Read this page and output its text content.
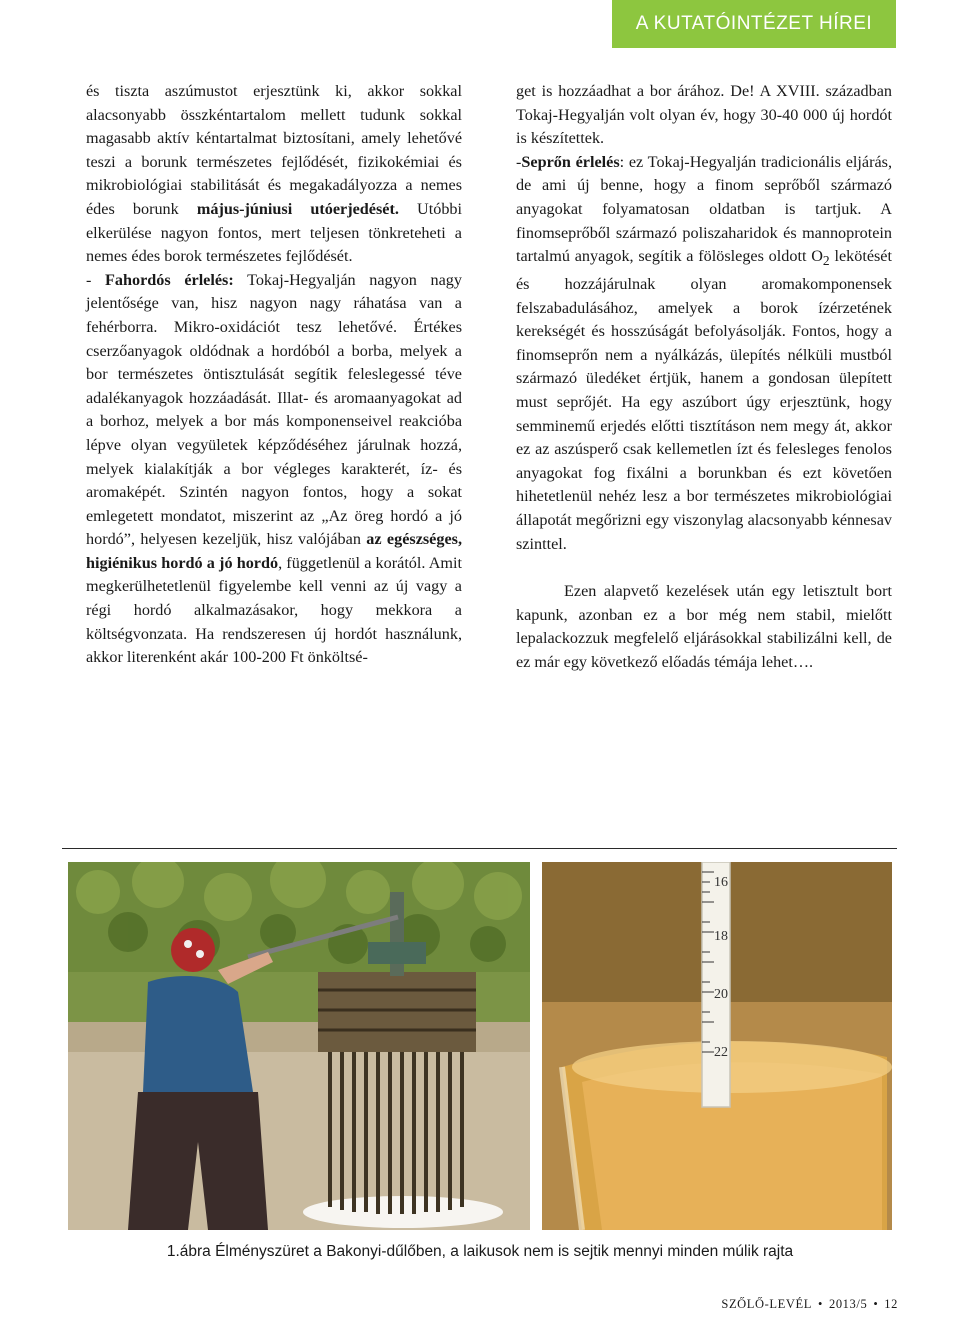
A KUTATÓINTÉZET HÍREI

és tiszta aszúmustot erjesztünk ki, akkor sokkal alacsonyabb összkéntartalom mellett tudunk sokkal magasabb aktív kéntartalmat biztosítani, amely lehetővé teszi a borunk természetes fejlődését, fizikokémiai és mikrobiológiai stabilitását és megakadályozza a nemes édes borunk május-júniusi utóerjedését. Utóbbi elkerülése nagyon fontos, mert teljesen tönkreteheti a nemes édes borok természetes fejlődését.

- Fahordós érlelés: Tokaj-Hegyalján nagyon nagy jelentősége van, hisz nagyon nagy ráhatása van a fehérborra. Mikro-oxidációt tesz lehetővé. Értékes cserzőanyagok oldódnak a hordóból a borba, melyek a bor természetes öntisztulását segítik feleslegessé téve adalékanyagok hozzáadását. Illat- és aromaanyagokat ad a borhoz, melyek a bor más komponenseivel reakcióba lépve olyan vegyületek képződéséhez járulnak hozzá, melyek kialakítják a bor végleges karakterét, íz- és aromaképét. Szintén nagyon fontos, hogy a sokat emlegetett mondatot, miszerint az „Az öreg hordó a jó hordó”, helyesen kezeljük, hisz valójában az egészséges, higiénikus hordó a jó hordó, függetlenül a korától. Amit megkerülhetetlenül figyelembe kell venni az új vagy a régi hordó alkalmazásakor, hogy mekkora a költségvonzata. Ha rendszeresen új hordót használunk, akkor literenként akár 100-200 Ft önköltsé-

get is hozzáadhat a bor árához. De! A XVIII. században Tokaj-Hegyalján volt olyan év, hogy 30-40 000 új hordót is készítettek.

-Seprőn érlelés: ez Tokaj-Hegyalján tradicionális eljárás, de ami új benne, hogy a finom seprőből származó anyagokat folyamatosan oldatban is tartjuk. A finomseprőből származó poliszaharidok és mannoprotein tartalmú anyagok, segítik a fölösleges oldott $O_2$ lekötését és hozzájárulnak olyan aromakomponensek felszabadulásához, amelyek a borok ízérzetének kerekségét és hosszúságát befolyásolják. Fontos, hogy a finomseprőn nem a nyálkázás, ülepítés nélküli mustból származó üledéket értjük, hanem a gondosan ülepített must seprőjét. Ha egy aszúbort úgy erjesztünk, hogy semminemű erjedés előtti tisztításon nem megy át, akkor ez az aszúsperő csak kellemetlen ízt és felesleges fenolos anyagokat fog fixálni a borunkban és ezt követően hihetetlenül nehéz lesz a bor természetes mikrobiológiai állapotát megőrizni egy viszonylag alacsonyabb kénnesav szinttel.

Ezen alapvető kezelések után egy letisztult bort kapunk, azonban ez a bor még nem stabil, mielőtt lepalackozzuk megfelelő eljárásokkal stabilizálni kell, de ez már egy következő előadás témája lehet….

16
18
20
22
1.ábra Élményszüret a Bakonyi-dűlőben, a laikusok nem is sejtik mennyi minden múlik rajta
SZŐLŐ-LEVÉL • 2013/5 • 12
